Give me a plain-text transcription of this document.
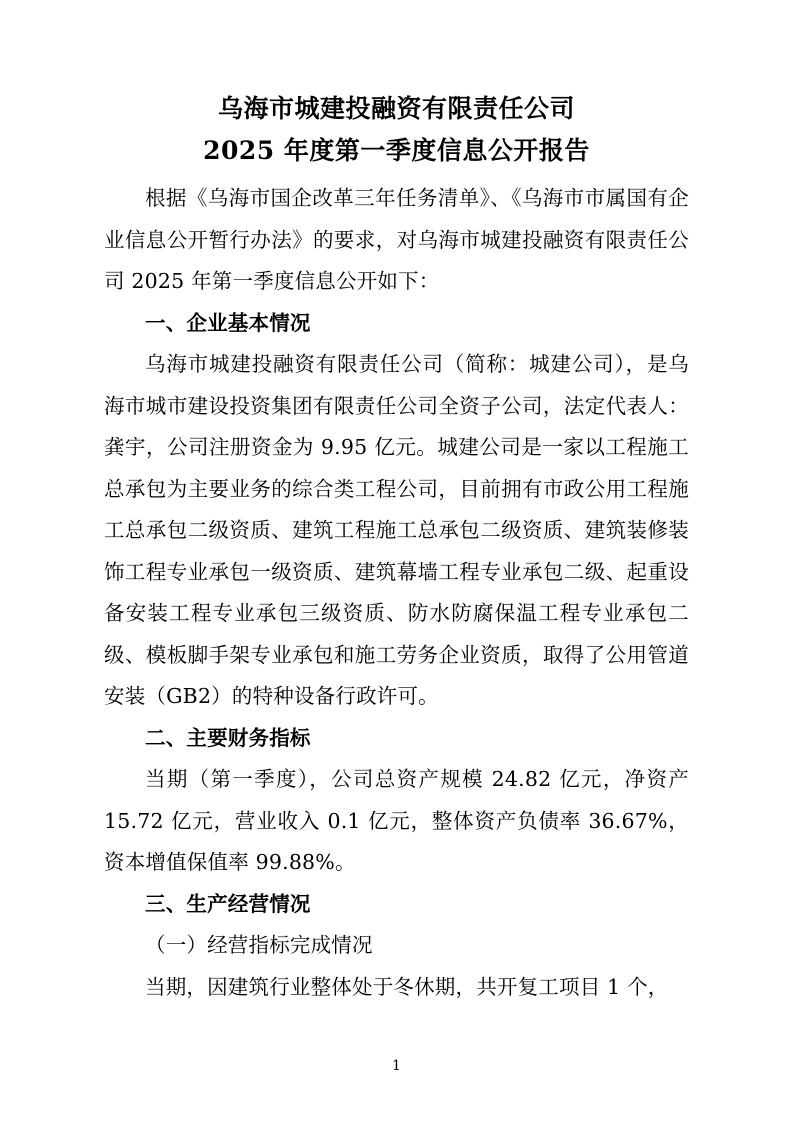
乌海市城建投融资有限责任公司
2025 年度第一季度信息公开报告

根据《乌海市国企改革三年任务清单》、《乌海市市属国有企业信息公开暂行办法》的要求，对乌海市城建投融资有限责任公司 2025 年第一季度信息公开如下：

一、企业基本情况

乌海市城建投融资有限责任公司（简称：城建公司），是乌海市城市建设投资集团有限责任公司全资子公司，法定代表人：龚宇，公司注册资金为 9.95 亿元。城建公司是一家以工程施工总承包为主要业务的综合类工程公司，目前拥有市政公用工程施工总承包二级资质、建筑工程施工总承包二级资质、建筑装修装饰工程专业承包一级资质、建筑幕墙工程专业承包二级、起重设备安装工程专业承包三级资质、防水防腐保温工程专业承包二级、模板脚手架专业承包和施工劳务企业资质，取得了公用管道安装（GB2）的特种设备行政许可。

二、主要财务指标

当期（第一季度），公司总资产规模 24.82 亿元，净资产 15.72 亿元，营业收入 0.1 亿元，整体资产负债率 36.67%，资本增值保值率 99.88%。

三、生产经营情况

（一）经营指标完成情况

当期，因建筑行业整体处于冬休期，共开复工项目 1 个，

1
